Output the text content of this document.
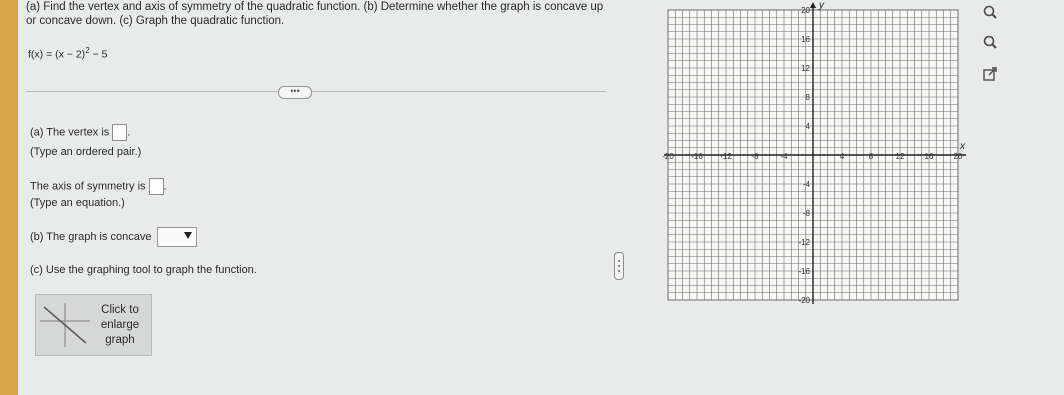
(a) Find the vertex and axis of symmetry of the quadratic function. (b) Determine whether the graph is concave up or concave down. (c) Graph the quadratic function.
$f(x) = (x - 2)^2 - 5$
•••
(a) The vertex is .
(Type an ordered pair.)
The axis of symmetry is .
(Type an equation.)
(b) The graph is concave
(c) Use the graphing tool to graph the function.
Click to
enlarge
graph
-20 -16 -12 -8	-4	4	8	12	16	20
20
16
12
8
4
-4
-8
-12
-16
-20
x
y
